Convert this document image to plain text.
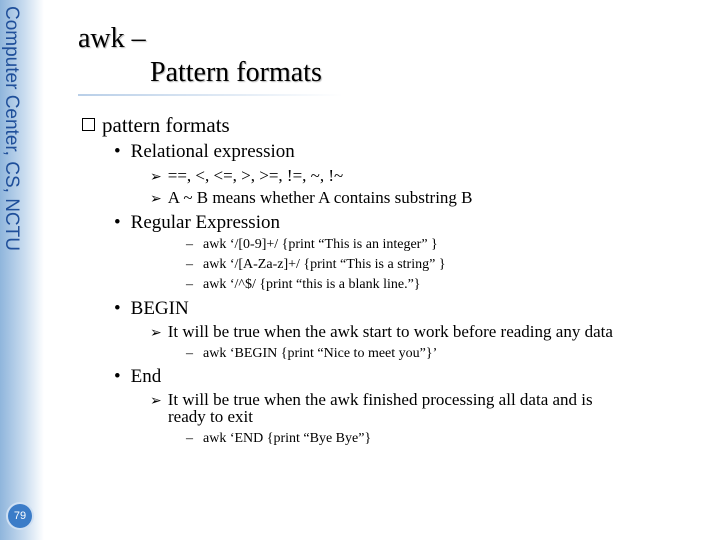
Computer Center, CS, NCTU
79
awk –
Pattern formats
pattern formats
• Relational expression
➢ ==, <, <=, >, >=, !=, ~, !~
➢ A ~ B means whether A contains substring B
• Regular Expression
– awk ‘/[0-9]+/ {print “This is an integer” }
– awk ‘/[A-Za-z]+/ {print “This is a string” }
– awk ‘/^$/ {print “this is a blank line.”}
• BEGIN
➢ It will be true when the awk start to work before reading any data
– awk ‘BEGIN {print “Nice to meet you”}’
• End
➢ It will be true when the awk finished processing all data and is
ready to exit
– awk ‘END {print “Bye Bye”}
